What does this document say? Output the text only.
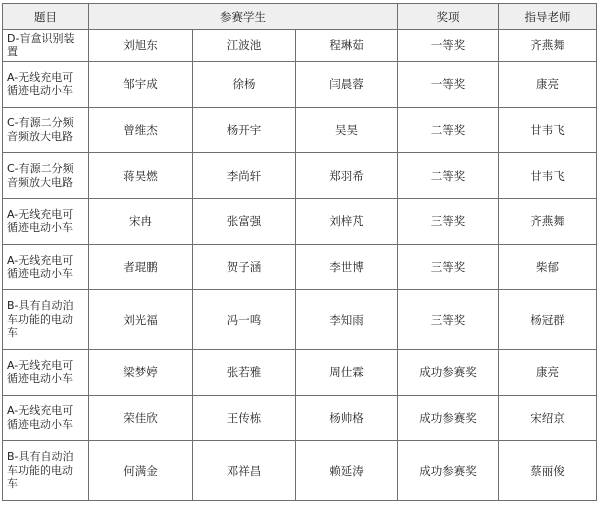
题目	参赛学生			奖项	指导老师

D-盲盒识别装置	刘旭东	江波池	程琳茹	一等奖	齐燕舞

A-无线充电可循迹电动小车	邹宇成	徐杨	闫晨蓉	一等奖	康亮

C-有源二分频音频放大电路	曾维杰	杨开宇	吴昊	二等奖	甘韦飞

C-有源二分频音频放大电路	蒋昊燃	李尚轩	郑羽希	二等奖	甘韦飞

A-无线充电可循迹电动小车	宋冉	张富强	刘梓芃	三等奖	齐燕舞

A-无线充电可循迹电动小车	者琨鹏	贺子涵	李世博	三等奖	柴郁

B-具有自动泊车功能的电动车	刘光福	冯一鸣	李知雨	三等奖	杨冠群

A-无线充电可循迹电动小车	梁梦婷	张若雅	周仕霖	成功参赛奖	康亮

A-无线充电可循迹电动小车	荣佳欣	王传栋	杨帅格	成功参赛奖	宋绍京

B-具有自动泊车功能的电动车	何满金	邓祥昌	赖延涛	成功参赛奖	蔡丽俊
